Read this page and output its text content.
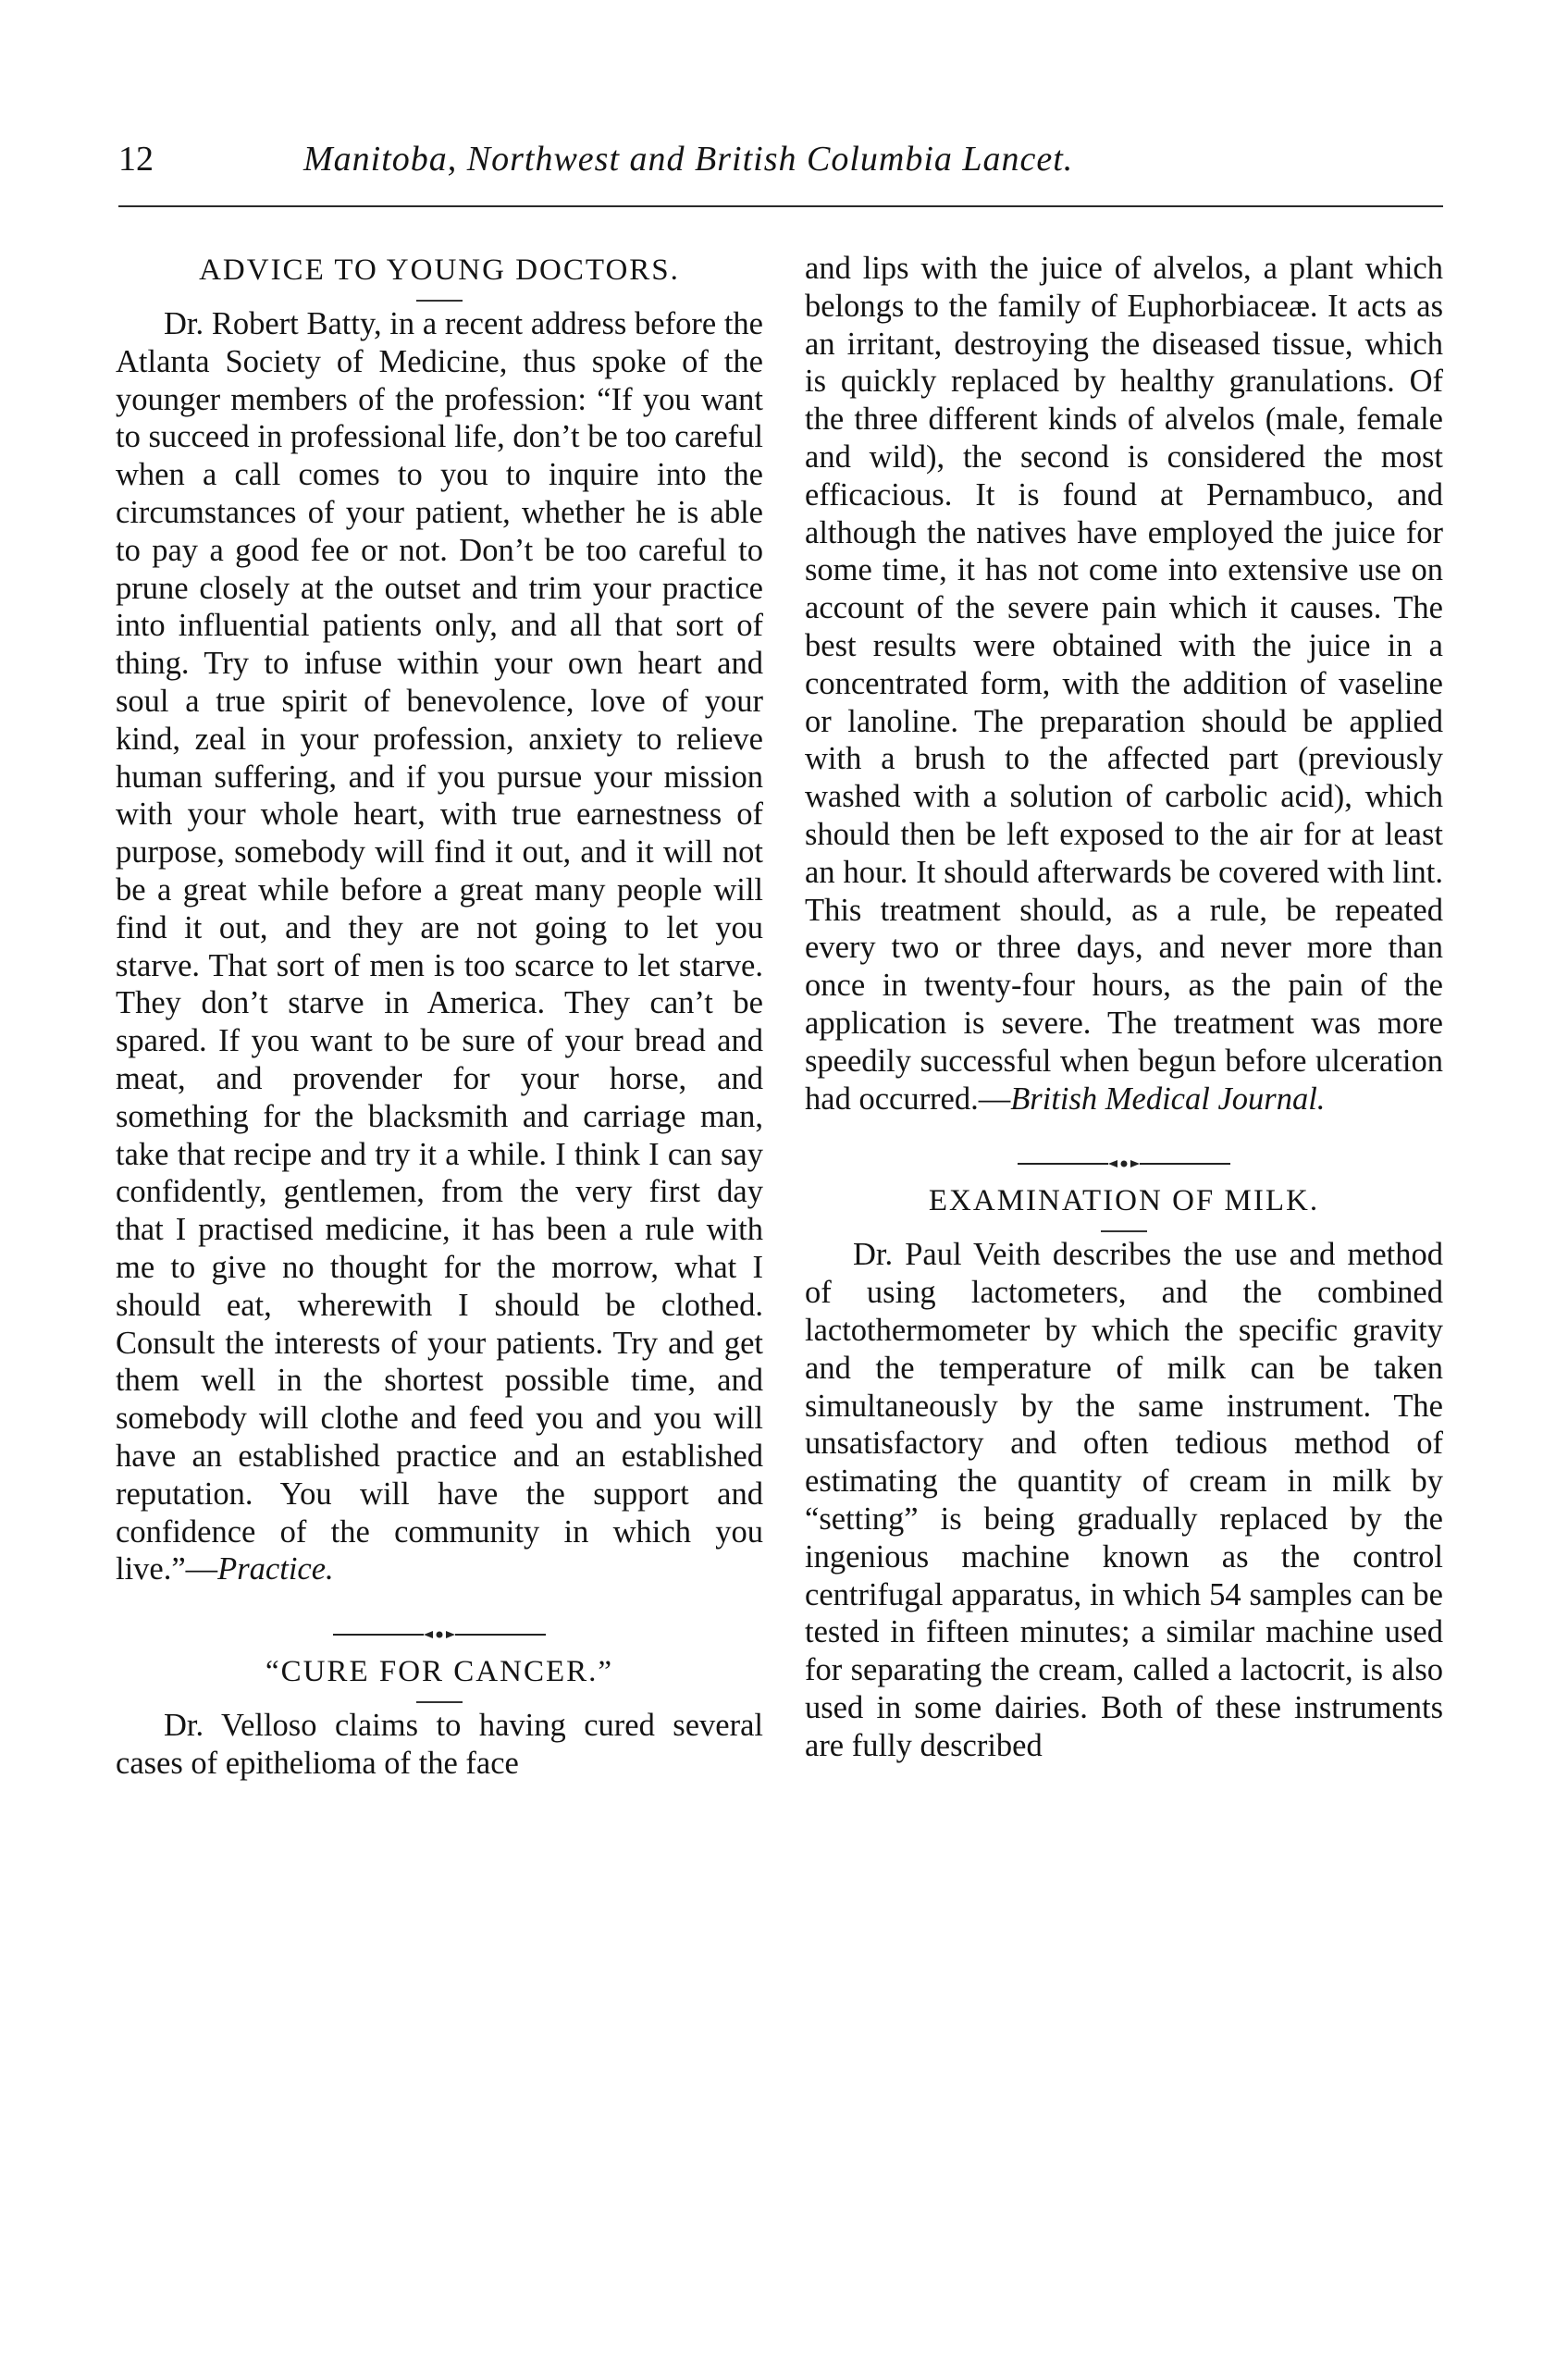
12	Manitoba, Northwest and British Columbia Lancet.
ADVICE TO YOUNG DOCTORS.

Dr. Robert Batty, in a recent address before the Atlanta Society of Medicine, thus spoke of the younger members of the profession: “If you want to succeed in professional life, don’t be too careful when a call comes to you to inquire into the circumstances of your patient, whether he is able to pay a good fee or not. Don’t be too careful to prune closely at the outset and trim your practice into influential patients only, and all that sort of thing. Try to infuse within your own heart and soul a true spirit of benevolence, love of your kind, zeal in your profession, anxiety to relieve human suffering, and if you pursue your mission with your whole heart, with true earnestness of purpose, somebody will find it out, and it will not be a great while before a great many people will find it out, and they are not going to let you starve. That sort of men is too scarce to let starve. They don’t starve in America. They can’t be spared. If you want to be sure of your bread and meat, and provender for your horse, and something for the blacksmith and carriage man, take that recipe and try it a while. I think I can say confidently, gentlemen, from the very first day that I practised medicine, it has been a rule with me to give no thought for the morrow, what I should eat, wherewith I should be clothed. Consult the interests of your patients. Try and get them well in the shortest possible time, and somebody will clothe and feed you and you will have an established practice and an established reputation. You will have the support and confidence of the community in which you live.”—Practice.

“CURE FOR CANCER.”

Dr. Velloso claims to having cured several cases of epithelioma of the face

and lips with the juice of alvelos, a plant which belongs to the family of Euphorbiaceæ. It acts as an irritant, destroying the diseased tissue, which is quickly replaced by healthy granulations. Of the three different kinds of alvelos (male, female and wild), the second is considered the most efficacious. It is found at Pernambuco, and although the natives have employed the juice for some time, it has not come into extensive use on account of the severe pain which it causes. The best results were obtained with the juice in a concentrated form, with the addition of vaseline or lanoline. The preparation should be applied with a brush to the affected part (previously washed with a solution of carbolic acid), which should then be left exposed to the air for at least an hour. It should afterwards be covered with lint. This treatment should, as a rule, be repeated every two or three days, and never more than once in twenty-four hours, as the pain of the application is severe. The treatment was more speedily successful when begun before ulceration had occurred.—British Medical Journal.

EXAMINATION OF MILK.

Dr. Paul Veith describes the use and method of using lactometers, and the combined lactothermometer by which the specific gravity and the temperature of milk can be taken simultaneously by the same instrument. The unsatisfactory and often tedious method of estimating the quantity of cream in milk by “setting” is being gradually replaced by the ingenious machine known as the control centrifugal apparatus, in which 54 samples can be tested in fifteen minutes; a similar machine used for separating the cream, called a lactocrit, is also used in some dairies. Both of these instruments are fully described
